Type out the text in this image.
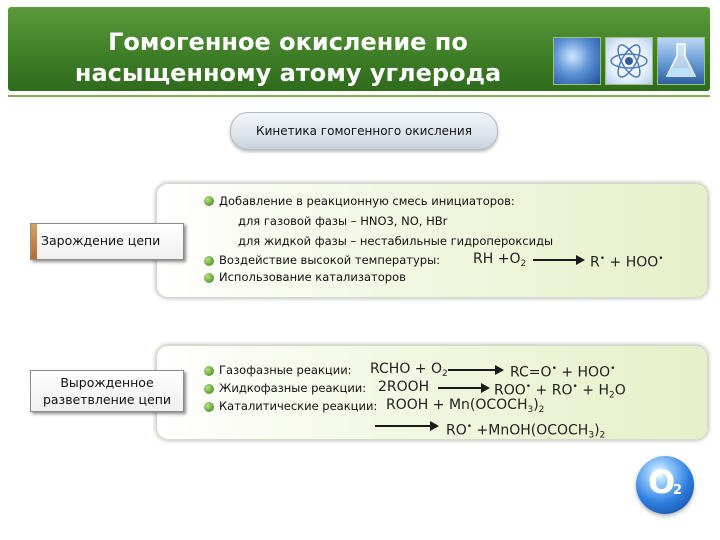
Гомогенное окисление по
насыщенному атому углерода
Кинетика гомогенного окисления
Зарождение цепи
Добавление в реакционную смесь инициаторов:
для газовой фазы – HNO3, NO, HBr
для жидкой фазы – нестабильные гидропероксиды
Воздействие высокой температуры:
Использование катализаторов
RH $+O_2 \to R^• + HOO^•$
Вырожденное
разветвление цепи
Газофазные реакции:
Жидкофазные реакции:
Каталитические реакции:
RCHO + $O_2 \to RC=O^• + HOO^•$
2ROOH → $ROO^• + RO^• + H_2O$
ROOH + $Mn(OCOCH_3)_2$
→ $RO^• +MnOH(OCOCH_3)_2$
O
2
